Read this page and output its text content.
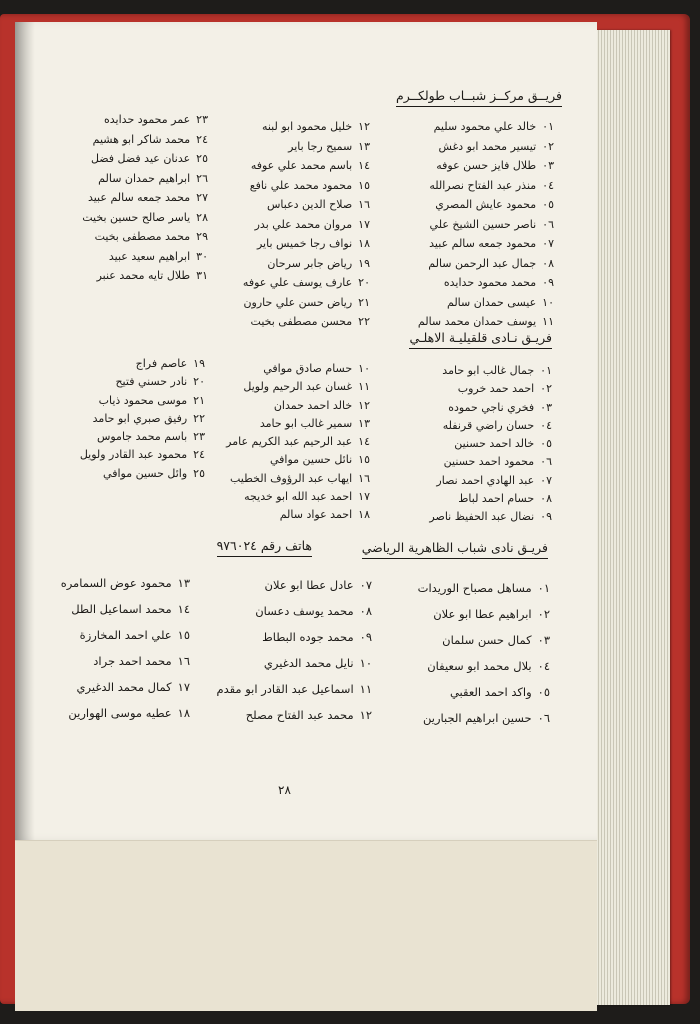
فريــق مركــز شبــاب طولكــرم
٠١خالد علي محمود سليم
٠٢تيسير محمد ابو دغش
٠٣طلال فايز حسن عوفه
٠٤منذر عبد الفتاح نصرالله
٠٥محمود عايش المصري
٠٦ناصر حسين الشيخ علي
٠٧محمود جمعه سالم عبيد
٠٨جمال عبد الرحمن سالم
٠٩محمد محمود حدايده
١٠عيسى حمدان سالم
١١يوسف حمدان محمد سالم
١٢خليل محمود ابو لبنه
١٣سميح رجا باير
١٤باسم محمد علي عوفه
١٥محمود محمد علي نافع
١٦صلاح الدين دعباس
١٧مروان محمد علي بدر
١٨نواف رجا خميس باير
١٩رياض جابر سرحان
٢٠عارف يوسف علي عوفه
٢١رياض حسن علي حارون
٢٢محسن مصطفى بخيت
٢٣عمر محمود حدايده
٢٤محمد شاكر ابو هشيم
٢٥عدنان عيد فضل فضل
٢٦ابراهيم حمدان سالم
٢٧محمد جمعه سالم عبيد
٢٨ياسر صالح حسين بخيت
٢٩محمد مصطفى بخيت
٣٠ابراهيم سعيد عبيد
٣١طلال تايه محمد عنبر
فريـق نـادى قلقيليـة الاهلـي
٠١جمال غالب ابو حامد
٠٢احمد حمد خروب
٠٣فخري ناجي حموده
٠٤حسان راضي قرنفله
٠٥خالد احمد حسنين
٠٦محمود احمد حسنين
٠٧عبد الهادي احمد نصار
٠٨حسام احمد لباط
٠٩نضال عبد الحفيظ ناصر
١٠حسام صادق موافي
١١غسان عبد الرحيم ولويل
١٢خالد احمد حمدان
١٣سمير غالب ابو حامد
١٤عبد الرحيم عبد الكريم عامر
١٥نائل حسين موافي
١٦ايهاب عبد الرؤوف الخطيب
١٧احمد عبد الله ابو خديجه
١٨احمد عواد سالم
١٩عاصم فراج
٢٠نادر حسني فتيح
٢١موسى محمود ذياب
٢٢رفيق صبري ابو حامد
٢٣باسم محمد جاموس
٢٤محمود عبد القادر ولويل
٢٥وائل حسين موافي
فريـق نادى شباب الظاهرية الرياضي
هاتف رقم ٩٧٦٠٢٤
٠١مساهل مصباح الوريدات
٠٢ابراهيم عطا ابو علان
٠٣كمال حسن سلمان
٠٤بلال محمد ابو سعيفان
٠٥واكد احمد العقبي
٠٦حسين ابراهيم الجبارين
٠٧عادل عطا ابو علان
٠٨محمد يوسف دعسان
٠٩محمد جوده البطاط
١٠نايل محمد الدغيري
١١اسماعيل عبد القادر ابو مقدم
١٢محمد عبد الفتاح مصلح
١٣محمود عوض السمامره
١٤محمد اسماعيل الطل
١٥علي احمد المخارزة
١٦محمد احمد جراد
١٧كمال محمد الدغيري
١٨عطيه موسى الهوارين
٢٨
